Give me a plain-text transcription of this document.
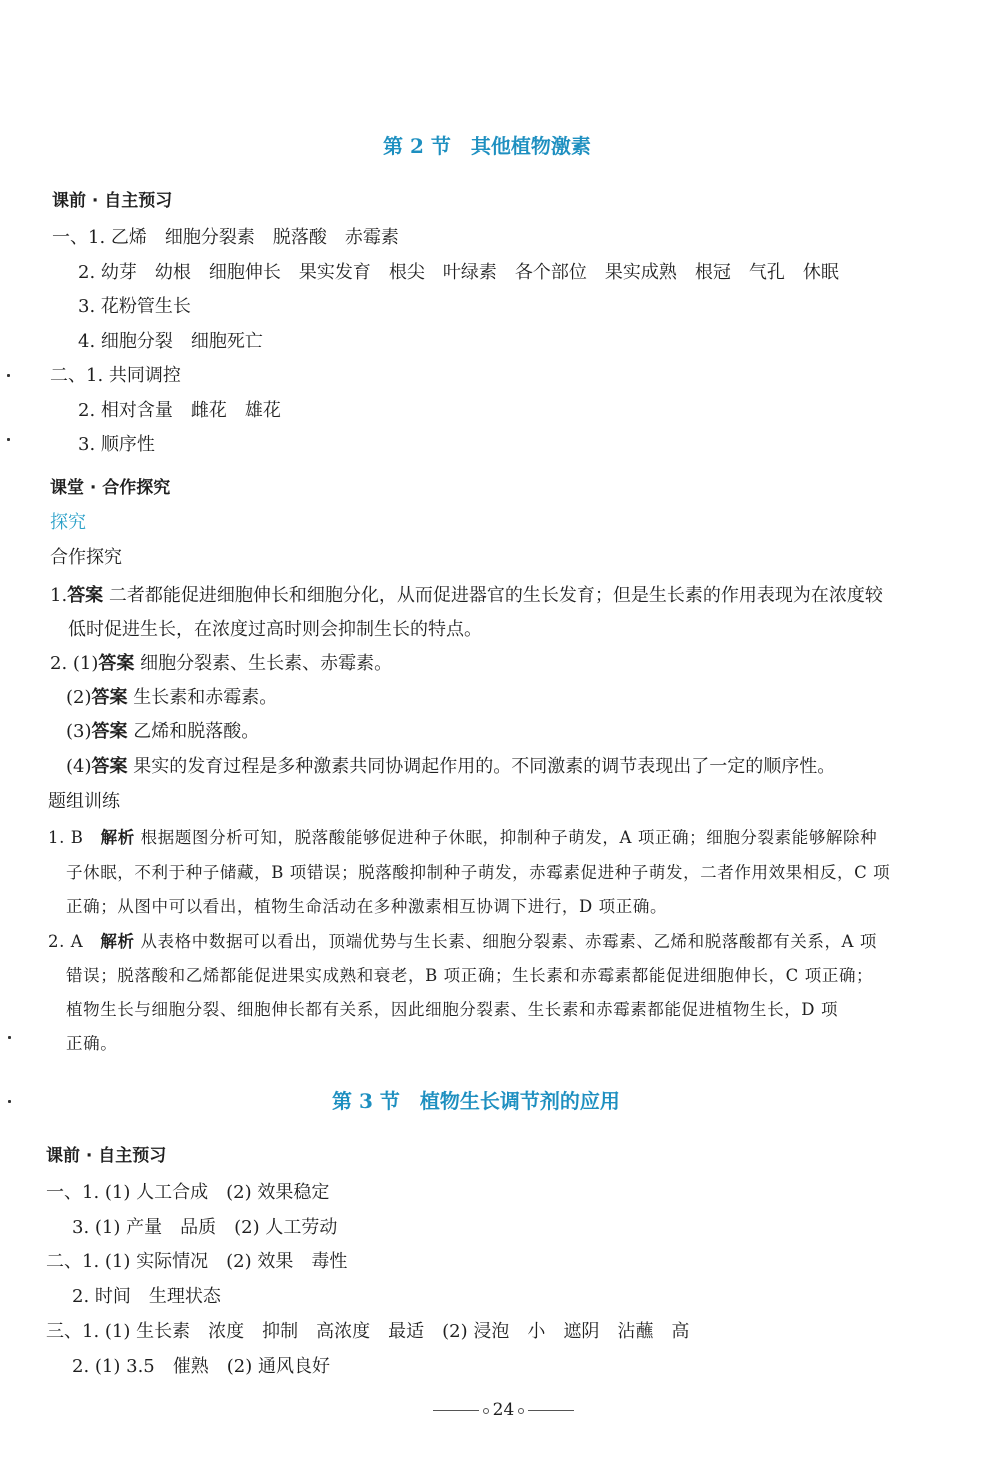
第 2 节　其他植物激素
课前 · 自主预习
一、1. 乙烯　细胞分裂素　脱落酸　赤霉素
2. 幼芽　幼根　细胞伸长　果实发育　根尖　叶绿素　各个部位　果实成熟　根冠　气孔　休眠
3. 花粉管生长
4. 细胞分裂　细胞死亡
二、1. 共同调控
2. 相对含量　雌花　雄花
3. 顺序性
课堂 · 合作探究
探究
合作探究
1.答案 二者都能促进细胞伸长和细胞分化，从而促进器官的生长发育；但是生长素的作用表现为在浓度较
低时促进生长，在浓度过高时则会抑制生长的特点。
2. (1)答案 细胞分裂素、生长素、赤霉素。
(2)答案 生长素和赤霉素。
(3)答案 乙烯和脱落酸。
(4)答案 果实的发育过程是多种激素共同协调起作用的。不同激素的调节表现出了一定的顺序性。
题组训练
1. B　解析 根据题图分析可知，脱落酸能够促进种子休眠，抑制种子萌发，A 项正确；细胞分裂素能够解除种
子休眠，不利于种子储藏，B 项错误；脱落酸抑制种子萌发，赤霉素促进种子萌发，二者作用效果相反，C 项
正确；从图中可以看出，植物生命活动在多种激素相互协调下进行，D 项正确。
2. A　解析 从表格中数据可以看出，顶端优势与生长素、细胞分裂素、赤霉素、乙烯和脱落酸都有关系，A 项
错误；脱落酸和乙烯都能促进果实成熟和衰老，B 项正确；生长素和赤霉素都能促进细胞伸长，C 项正确；
植物生长与细胞分裂、细胞伸长都有关系，因此细胞分裂素、生长素和赤霉素都能促进植物生长，D 项
正确。
第 3 节　植物生长调节剂的应用
课前 · 自主预习
一、1. (1) 人工合成　(2) 效果稳定
3. (1) 产量　品质　(2) 人工劳动
二、1. (1) 实际情况　(2) 效果　毒性
2. 时间　生理状态
三、1. (1) 生长素　浓度　抑制　高浓度　最适　(2) 浸泡　小　遮阴　沾蘸　高
2. (1) 3.5　催熟　(2) 通风良好
24
